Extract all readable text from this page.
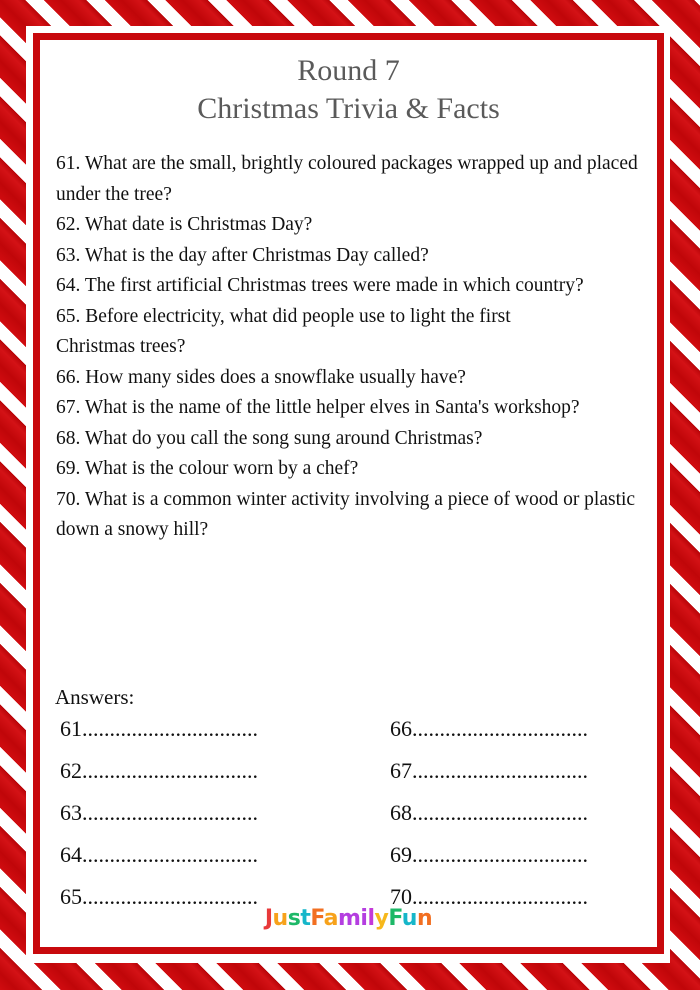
Round 7
Christmas Trivia & Facts
61. What are the small, brightly coloured packages wrapped up and placed under the tree?
62. What date is Christmas Day?
63. What is the day after Christmas Day called?
64. The first artificial Christmas trees were made in which country?
65. Before electricity, what did people use to light the first Christmas trees?
66. How many sides does a snowflake usually have?
67. What is the name of the little helper elves in Santa's workshop?
68. What do you call the song sung around Christmas?
69. What is the colour worn by a chef?
70. What is a common winter activity involving a piece of wood or plastic down a snowy hill?
Answers:
61................................
62................................
63................................
64................................
65................................
66................................
67................................
68................................
69................................
70................................
JustFamilyFun
